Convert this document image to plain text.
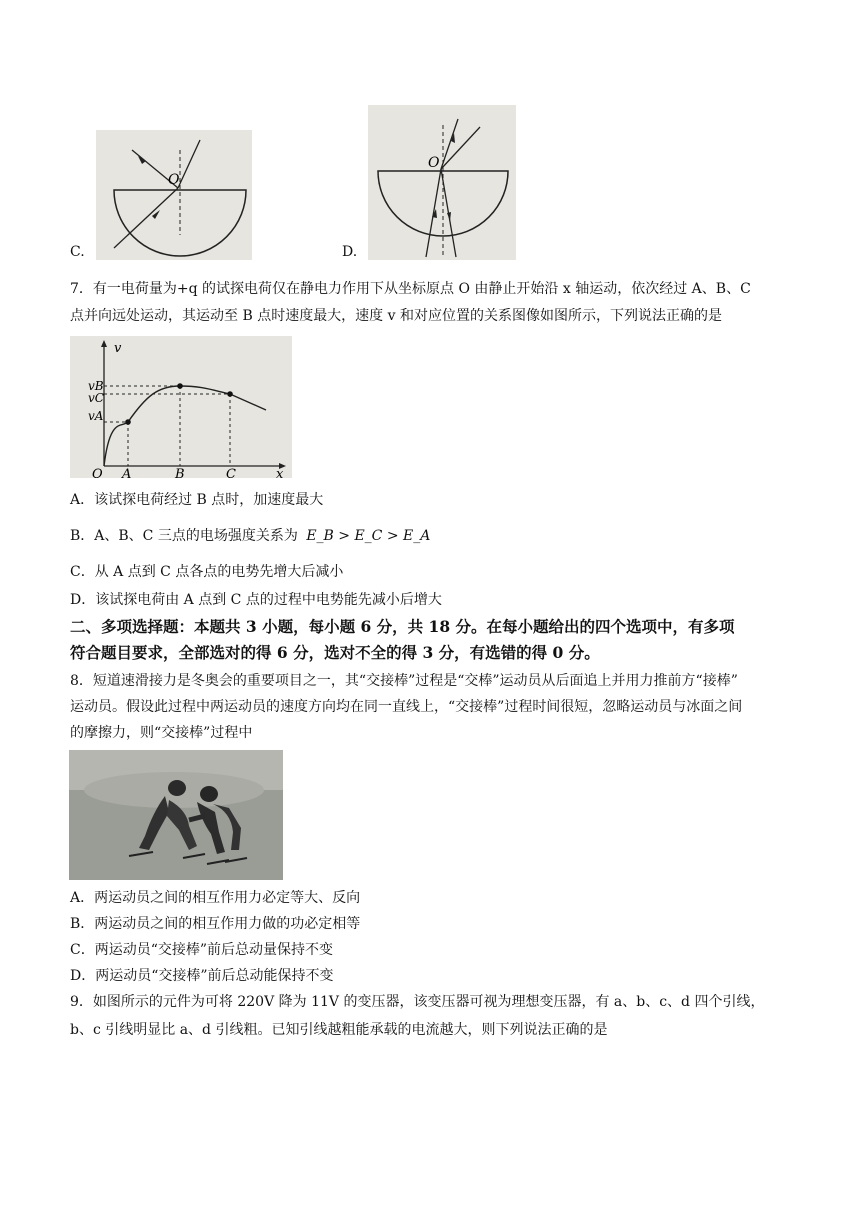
C.
O
D.
O
7．有一电荷量为+q 的试探电荷仅在静电力作用下从坐标原点 O 由静止开始沿 x 轴运动，依次经过 A、B、C
点并向远处运动，其运动至 B 点时速度最大，速度 v 和对应位置的关系图像如图所示，下列说法正确的是
v
x
O
vB
vC
vA
A	B	C
A．该试探电荷经过 B 点时，加速度最大
B．A、B、C 三点的电场强度关系为 E_B > E_C > E_A
C．从 A 点到 C 点各点的电势先增大后减小
D．该试探电荷由 A 点到 C 点的过程中电势能先减小后增大
二、多项选择题：本题共 3 小题，每小题 6 分，共 18 分。在每小题给出的四个选项中，有多项
符合题目要求，全部选对的得 6 分，选对不全的得 3 分，有选错的得 0 分。
8．短道速滑接力是冬奥会的重要项目之一，其“交接棒”过程是“交棒”运动员从后面追上并用力推前方“接棒”
运动员。假设此过程中两运动员的速度方向均在同一直线上，“交接棒”过程时间很短，忽略运动员与冰面之间
的摩擦力，则“交接棒”过程中
A．两运动员之间的相互作用力必定等大、反向
B．两运动员之间的相互作用力做的功必定相等
C．两运动员“交接棒”前后总动量保持不变
D．两运动员“交接棒”前后总动能保持不变
9．如图所示的元件为可将 220V 降为 11V 的变压器，该变压器可视为理想变压器，有 a、b、c、d 四个引线，
b、c 引线明显比 a、d 引线粗。已知引线越粗能承载的电流越大，则下列说法正确的是
